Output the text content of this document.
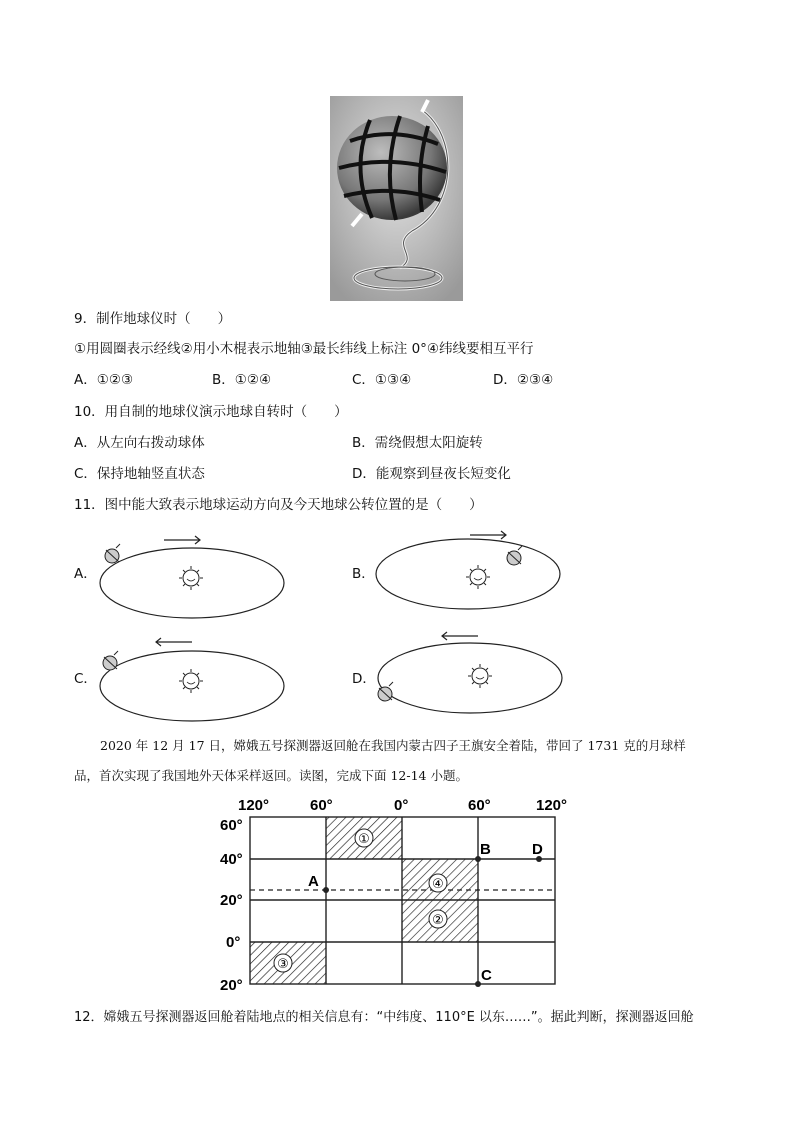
9．制作地球仪时（　　）
①用圆圈表示经线②用小木棍表示地轴③最长纬线上标注 0°④纬线要相互平行
A．①②③	B．①②④	C．①③④	D．②③④
10．用自制的地球仪演示地球自转时（　　）
A．从左向右拨动球体	B．需绕假想太阳旋转
C．保持地轴竖直状态	D．能观察到昼夜长短变化
11．图中能大致表示地球运动方向及今天地球公转位置的是（　　）
A．	B．
C．	D．
2020 年 12 月 17 日，嫦娥五号探测器返回舱在我国内蒙古四子王旗安全着陆，带回了 1731 克的月球样
品，首次实现了我国地外天体采样返回。读图，完成下面 12-14 小题。
120°	60°	0°	60°	120°
60°
40°
20°
0°
20°
A
B
C
D
①
②
③
④
12．嫦娥五号探测器返回舱着陆地点的相关信息有：“中纬度、110°E 以东……”。据此判断，探测器返回舱
